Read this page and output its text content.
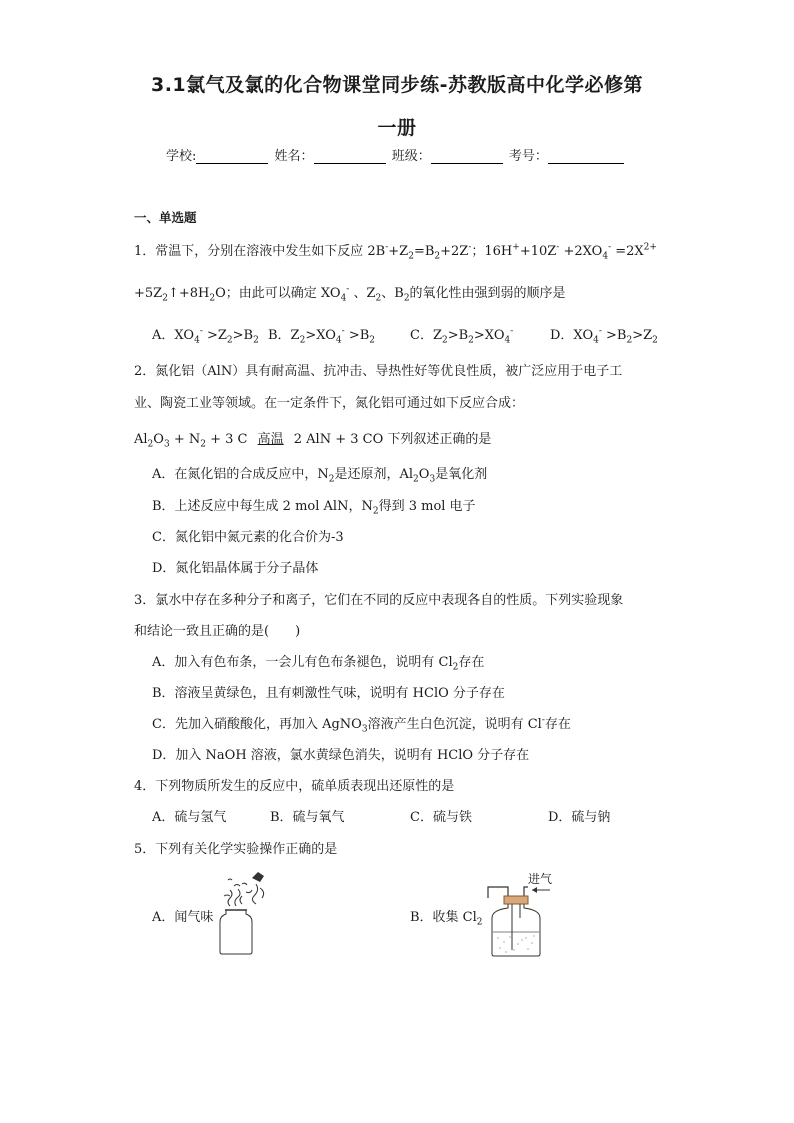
3.1氯气及氯的化合物课堂同步练-苏教版高中化学必修第
一册
学校:	姓名：	班级：	考号：
一、单选题
1．常温下，分别在溶液中发生如下反应 $2B^-+Z_2=B_2+2Z^-$；$16H^++10Z^- +2XO_4^- =2X^{2+}$
$+5Z_2↑+8H_2O$；由此可以确定 $XO_4^-$ 、$Z_2$、$B_2$的氧化性由强到弱的顺序是
A．$XO_4^- >Z_2>B_2$ B．$Z_2>XO_4^- >B_2$	C．$Z_2>B_2>XO_4^-$	D．$XO_4^- >B_2>Z_2$
2．氮化铝（AlN）具有耐高温、抗冲击、导热性好等优良性质，被广泛应用于电子工
业、陶瓷工业等领域。在一定条件下，氮化铝可通过如下反应合成：
$Al_2O_3 + N_2 + 3$ C 高温 2 AlN + 3 CO 下列叙述正确的是
A．在氮化铝的合成反应中，$N_2$是还原剂，$Al_2O_3$是氧化剂
B．上述反应中每生成 2 mol AlN，$N_2$得到 3 mol 电子
C．氮化铝中氮元素的化合价为-3
D．氮化铝晶体属于分子晶体
3．氯水中存在多种分子和离子，它们在不同的反应中表现各自的性质。下列实验现象
和结论一致且正确的是(　　)
A．加入有色布条，一会儿有色布条褪色，说明有 $Cl_2$存在
B．溶液呈黄绿色，且有刺激性气味，说明有 HClO 分子存在
C．先加入硝酸酸化，再加入 AgNO$_3$溶液产生白色沉淀，说明有 Cl-存在
D．加入 NaOH 溶液，氯水黄绿色消失，说明有 HClO 分子存在
4．下列物质所发生的反应中，硫单质表现出还原性的是
A．硫与氢气	B．硫与氧气	C．硫与铁	D．硫与钠
5．下列有关化学实验操作正确的是
A．闻气味	B．收集 $Cl_2$
进气
